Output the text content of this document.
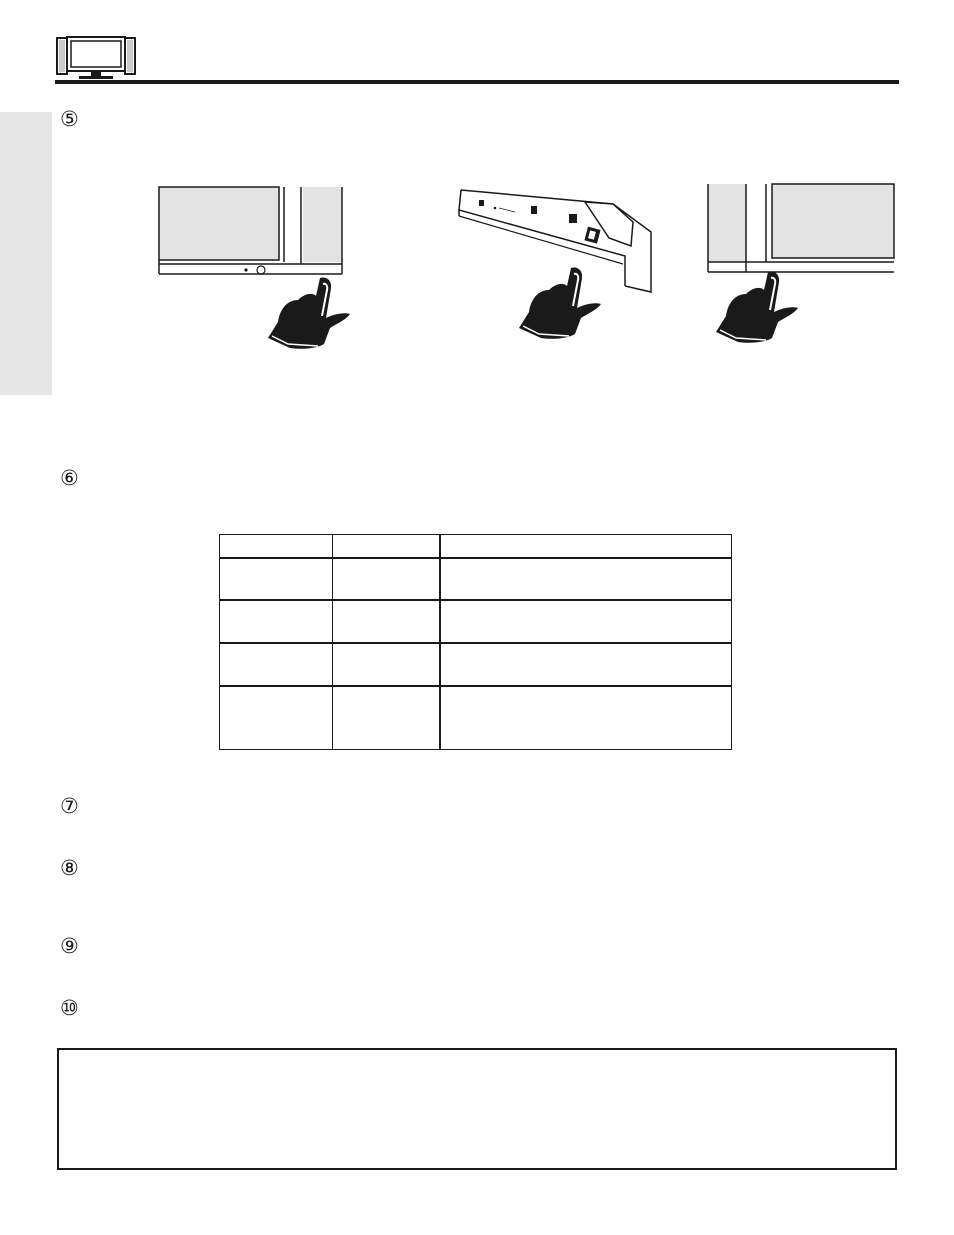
⑤
⑥
⑦
⑧
⑨
⑩
